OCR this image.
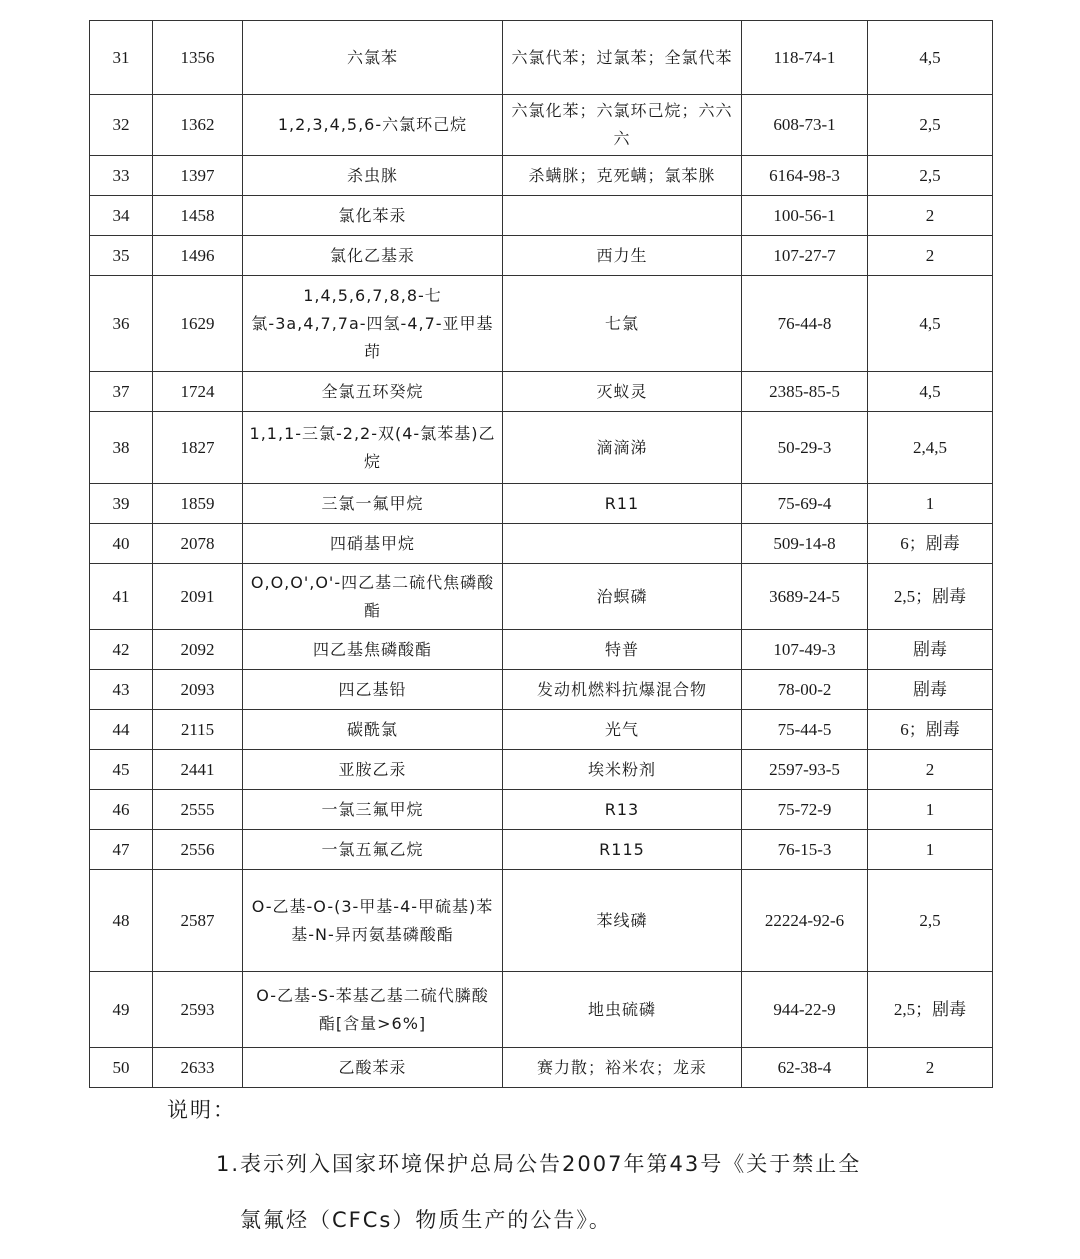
31	1356	六氯苯	六氯代苯；过氯苯；全氯代苯	118-74-1	4,5
32	1362	1,2,3,4,5,6-六氯环己烷	六氯化苯；六氯环己烷；六六六	608-73-1	2,5
33	1397	杀虫脒	杀螨脒；克死螨；氯苯脒	6164-98-3	2,5
34	1458	氯化苯汞		100-56-1	2
35	1496	氯化乙基汞	西力生	107-27-7	2
36	1629	1,4,5,6,7,8,8-七氯-3a,4,7,7a-四氢-4,7-亚甲基茚	七氯	76-44-8	4,5
37	1724	全氯五环癸烷	灭蚁灵	2385-85-5	4,5
38	1827	1,1,1-三氯-2,2-双(4-氯苯基)乙烷	滴滴涕	50-29-3	2,4,5
39	1859	三氯一氟甲烷	R11	75-69-4	1
40	2078	四硝基甲烷		509-14-8	6；剧毒
41	2091	O,O,O',O'-四乙基二硫代焦磷酸酯	治螟磷	3689-24-5	2,5；剧毒
42	2092	四乙基焦磷酸酯	特普	107-49-3	剧毒
43	2093	四乙基铅	发动机燃料抗爆混合物	78-00-2	剧毒
44	2115	碳酰氯	光气	75-44-5	6；剧毒
45	2441	亚胺乙汞	埃米粉剂	2597-93-5	2
46	2555	一氯三氟甲烷	R13	75-72-9	1
47	2556	一氯五氟乙烷	R115	76-15-3	1
48	2587	O-乙基-O-(3-甲基-4-甲硫基)苯基-N-异丙氨基磷酸酯	苯线磷	22224-92-6	2,5
49	2593	O-乙基-S-苯基乙基二硫代膦酸酯[含量>6%]	地虫硫磷	944-22-9	2,5；剧毒
50	2633	乙酸苯汞	赛力散；裕米农；龙汞	62-38-4	2
说明：
1.表示列入国家环境保护总局公告2007年第43号《关于禁止全
氯氟烃（CFCs）物质生产的公告》。
